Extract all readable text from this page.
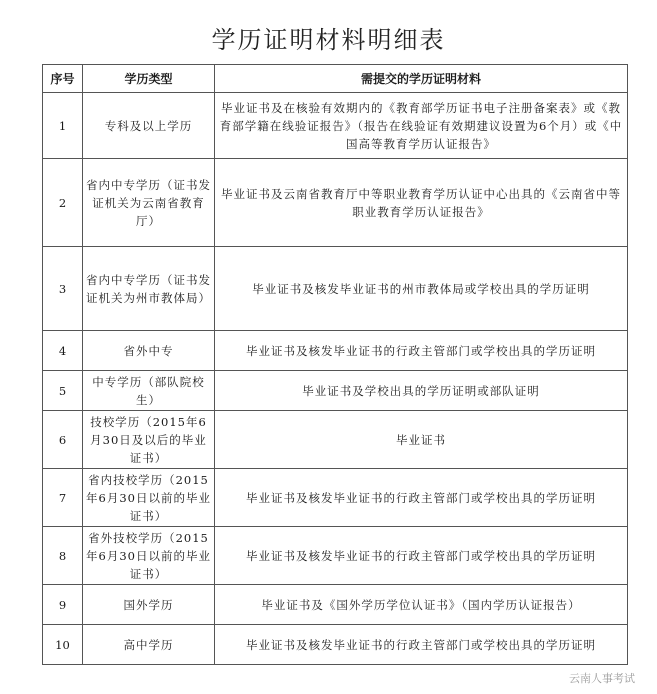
学历证明材料明细表
序号	学历类型	需提交的学历证明材料
1	专科及以上学历	毕业证书及在核验有效期内的《教育部学历证书电子注册备案表》或《教育部学籍在线验证报告》（报告在线验证有效期建议设置为6个月）或《中国高等教育学历认证报告》
2	省内中专学历（证书发证机关为云南省教育厅）	毕业证书及云南省教育厅中等职业教育学历认证中心出具的《云南省中等职业教育学历认证报告》
3	省内中专学历（证书发证机关为州市教体局）	毕业证书及核发毕业证书的州市教体局或学校出具的学历证明
4	省外中专	毕业证书及核发毕业证书的行政主管部门或学校出具的学历证明
5	中专学历（部队院校生）	毕业证书及学校出具的学历证明或部队证明
6	技校学历（2015年6月30日及以后的毕业证书）	毕业证书
7	省内技校学历（2015年6月30日以前的毕业证书）	毕业证书及核发毕业证书的行政主管部门或学校出具的学历证明
8	省外技校学历（2015年6月30日以前的毕业证书）	毕业证书及核发毕业证书的行政主管部门或学校出具的学历证明
9	国外学历	毕业证书及《国外学历学位认证书》（国内学历认证报告）
10	高中学历	毕业证书及核发毕业证书的行政主管部门或学校出具的学历证明
云南人事考试
